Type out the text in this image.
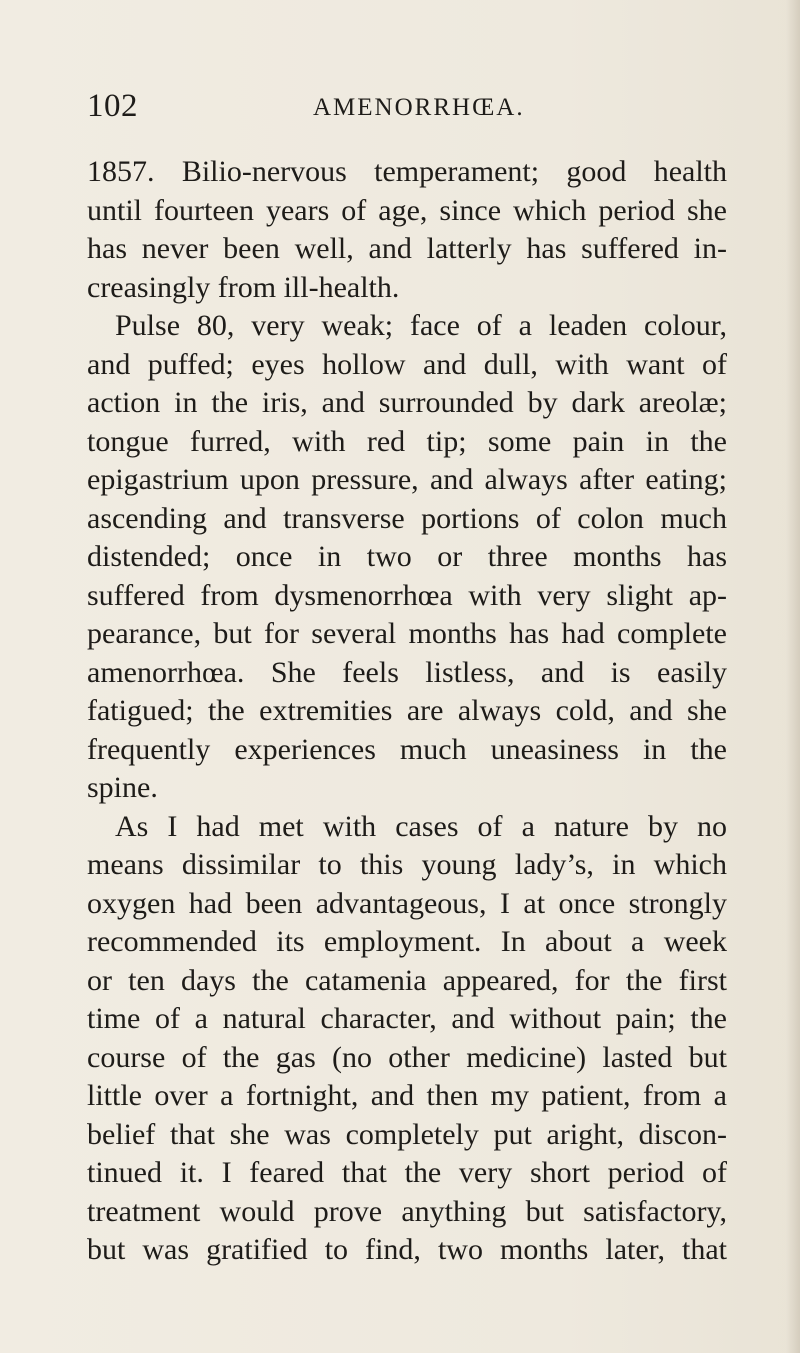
102	AMENORRHŒA.
1857. Bilio-nervous temperament; good health
until fourteen years of age, since which period she
has never been well, and latterly has suffered in-
creasingly from ill-health.
Pulse 80, very weak; face of a leaden colour,
and puffed; eyes hollow and dull, with want of
action in the iris, and surrounded by dark areolæ;
tongue furred, with red tip; some pain in the
epigastrium upon pressure, and always after eating;
ascending and transverse portions of colon much
distended; once in two or three months has
suffered from dysmenorrhœa with very slight ap-
pearance, but for several months has had complete
amenorrhœa. She feels listless, and is easily
fatigued; the extremities are always cold, and she
frequently experiences much uneasiness in the
spine.
As I had met with cases of a nature by no
means dissimilar to this young lady’s, in which
oxygen had been advantageous, I at once strongly
recommended its employment. In about a week
or ten days the catamenia appeared, for the first
time of a natural character, and without pain; the
course of the gas (no other medicine) lasted but
little over a fortnight, and then my patient, from a
belief that she was completely put aright, discon-
tinued it. I feared that the very short period of
treatment would prove anything but satisfactory,
but was gratified to find, two months later, that
